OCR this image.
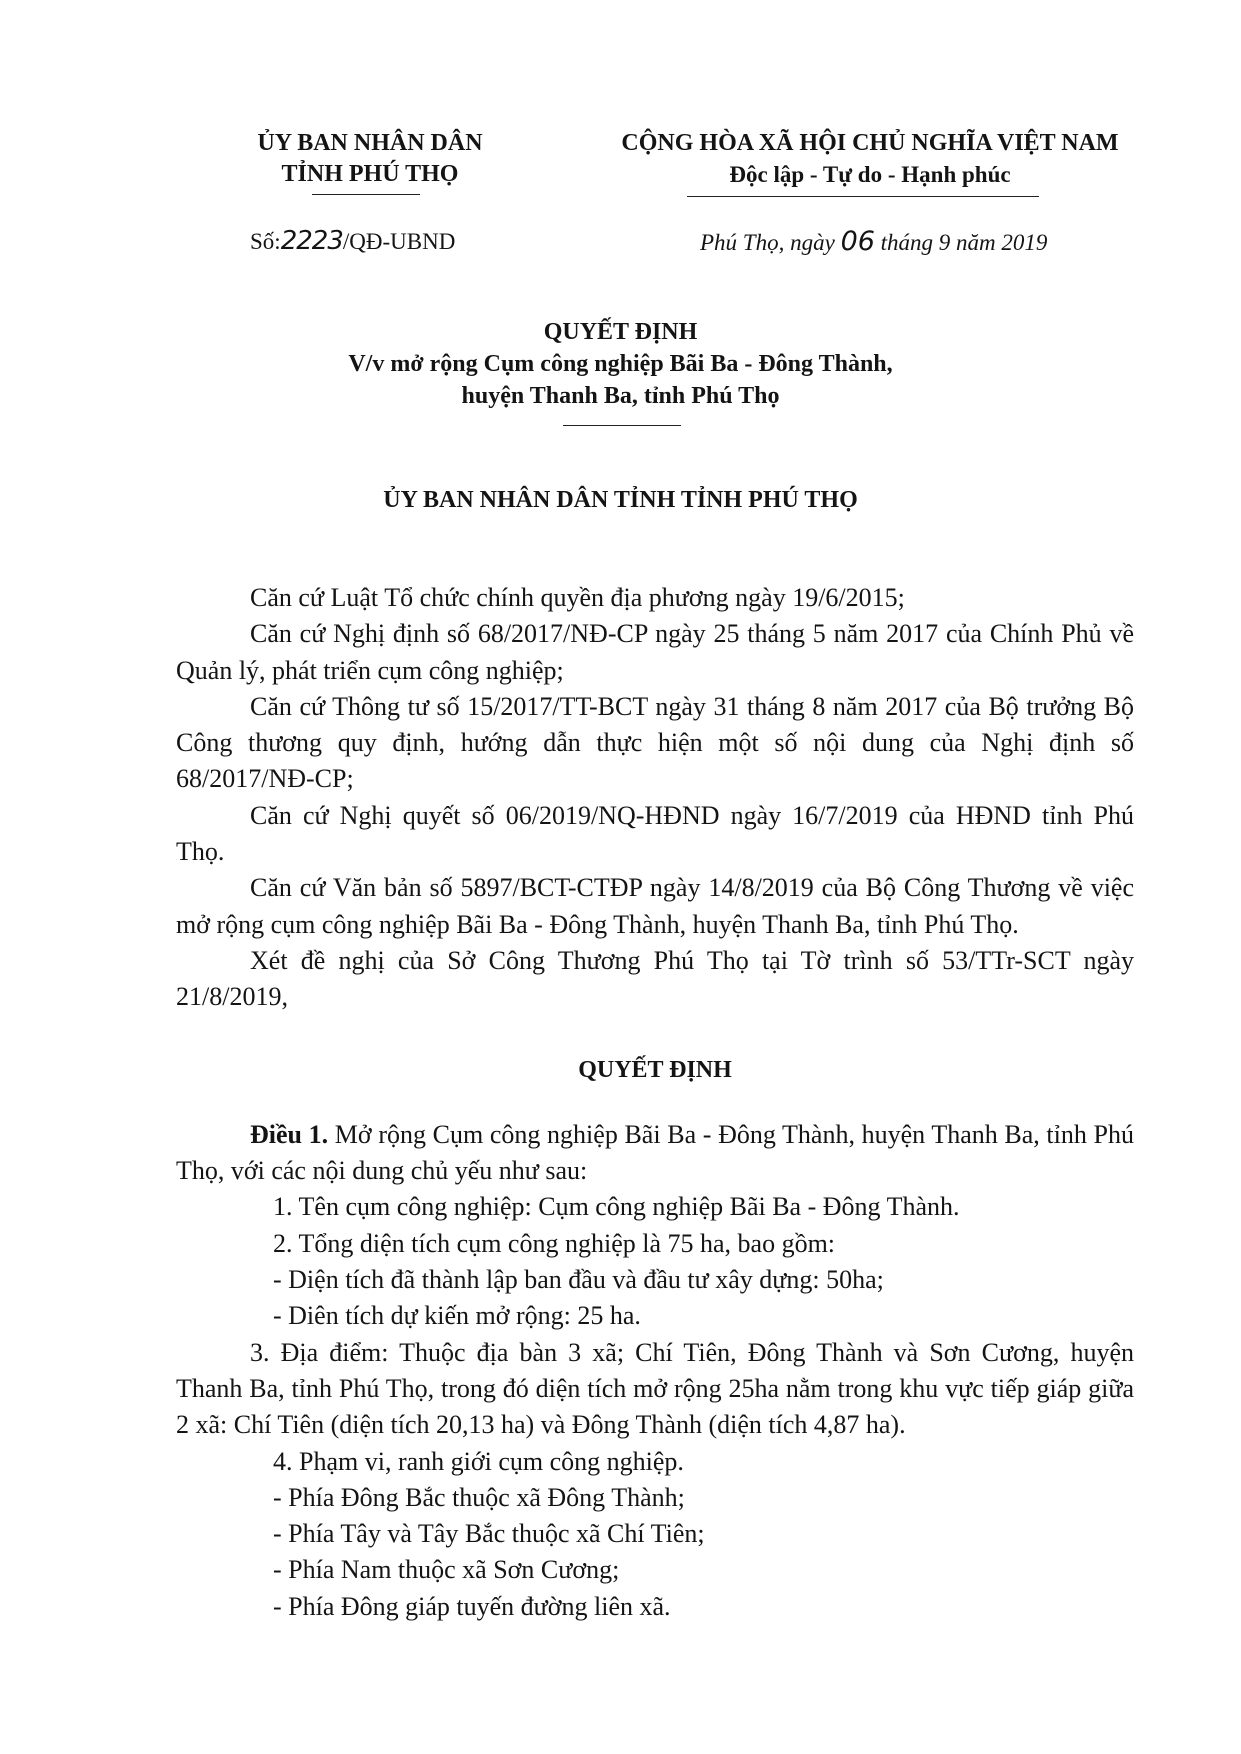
ỦY BAN NHÂN DÂN
TỈNH PHÚ THỌ
CỘNG HÒA XÃ HỘI CHỦ NGHĨA VIỆT NAM
Độc lập - Tự do - Hạnh phúc
Số:2223/QĐ-UBND	Phú Thọ, ngày 06 tháng 9 năm 2019
QUYẾT ĐỊNH
V/v mở rộng Cụm công nghiệp Bãi Ba - Đông Thành,
huyện Thanh Ba, tỉnh Phú Thọ
ỦY BAN NHÂN DÂN TỈNH TỈNH PHÚ THỌ

Căn cứ Luật Tổ chức chính quyền địa phương ngày 19/6/2015;

Căn cứ Nghị định số 68/2017/NĐ-CP ngày 25 tháng 5 năm 2017 của Chính Phủ về Quản lý, phát triển cụm công nghiệp;

Căn cứ Thông tư số 15/2017/TT-BCT ngày 31 tháng 8 năm 2017 của Bộ trưởng Bộ Công thương quy định, hướng dẫn thực hiện một số nội dung của Nghị định số 68/2017/NĐ-CP;

Căn cứ Nghị quyết số 06/2019/NQ-HĐND ngày 16/7/2019 của HĐND tỉnh Phú Thọ.

Căn cứ Văn bản số 5897/BCT-CTĐP ngày 14/8/2019 của Bộ Công Thương về việc mở rộng cụm công nghiệp Bãi Ba - Đông Thành, huyện Thanh Ba, tỉnh Phú Thọ.

Xét đề nghị của Sở Công Thương Phú Thọ tại Tờ trình số 53/TTr-SCT ngày 21/8/2019,

QUYẾT ĐỊNH

Điều 1. Mở rộng Cụm công nghiệp Bãi Ba - Đông Thành, huyện Thanh Ba, tỉnh Phú Thọ, với các nội dung chủ yếu như sau:

1. Tên cụm công nghiệp: Cụm công nghiệp Bãi Ba - Đông Thành.

2. Tổng diện tích cụm công nghiệp là 75 ha, bao gồm:

- Diện tích đã thành lập ban đầu và đầu tư xây dựng: 50ha;

- Diên tích dự kiến mở rộng: 25 ha.

3. Địa điểm: Thuộc địa bàn 3 xã; Chí Tiên, Đông Thành và Sơn Cương, huyện Thanh Ba, tỉnh Phú Thọ, trong đó diện tích mở rộng 25ha nằm trong khu vực tiếp giáp giữa 2 xã: Chí Tiên (diện tích 20,13 ha) và Đông Thành (diện tích 4,87 ha).

4. Phạm vi, ranh giới cụm công nghiệp.

- Phía Đông Bắc thuộc xã Đông Thành;

- Phía Tây và Tây Bắc thuộc xã Chí Tiên;

- Phía Nam thuộc xã Sơn Cương;

- Phía Đông giáp tuyến đường liên xã.
